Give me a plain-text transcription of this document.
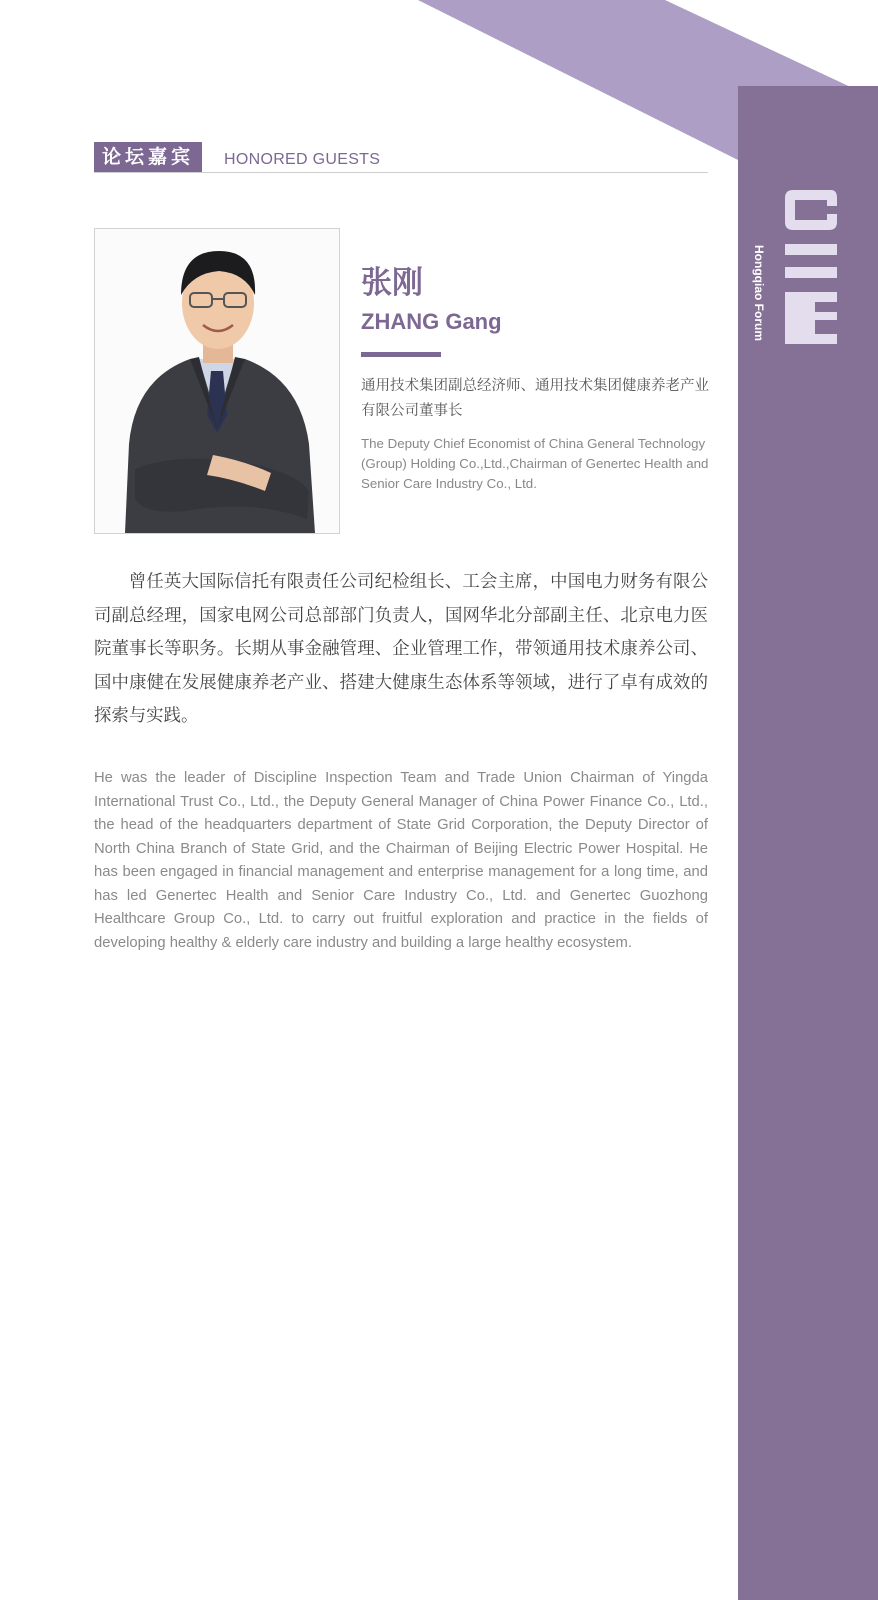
Hongqiao Forum
论坛嘉宾	HONORED GUESTS
张刚
ZHANG Gang

通用技术集团副总经济师、通用技术集团健康养老产业有限公司董事长

The Deputy Chief Economist of China General Technology (Group) Holding Co.,Ltd.,Chairman of Genertec Health and Senior Care Industry Co., Ltd.

曾任英大国际信托有限责任公司纪检组长、工会主席，中国电力财务有限公司副总经理，国家电网公司总部部门负责人，国网华北分部副主任、北京电力医院董事长等职务。长期从事金融管理、企业管理工作，带领通用技术康养公司、国中康健在发展健康养老产业、搭建大健康生态体系等领域，进行了卓有成效的探索与实践。

He was the leader of Discipline Inspection Team and Trade Union Chairman of Yingda International Trust Co., Ltd., the Deputy General Manager of China Power Finance Co., Ltd., the head of the headquarters department of State Grid Corporation, the Deputy Director of North China Branch of State Grid, and the Chairman of Beijing Electric Power Hospital. He has been engaged in financial management and enterprise management for a long time, and has led Genertec Health and Senior Care Industry Co., Ltd. and Genertec Guozhong Healthcare Group Co., Ltd. to carry out fruitful exploration and practice in the fields of developing healthy & elderly care industry and building a large healthy ecosystem.
